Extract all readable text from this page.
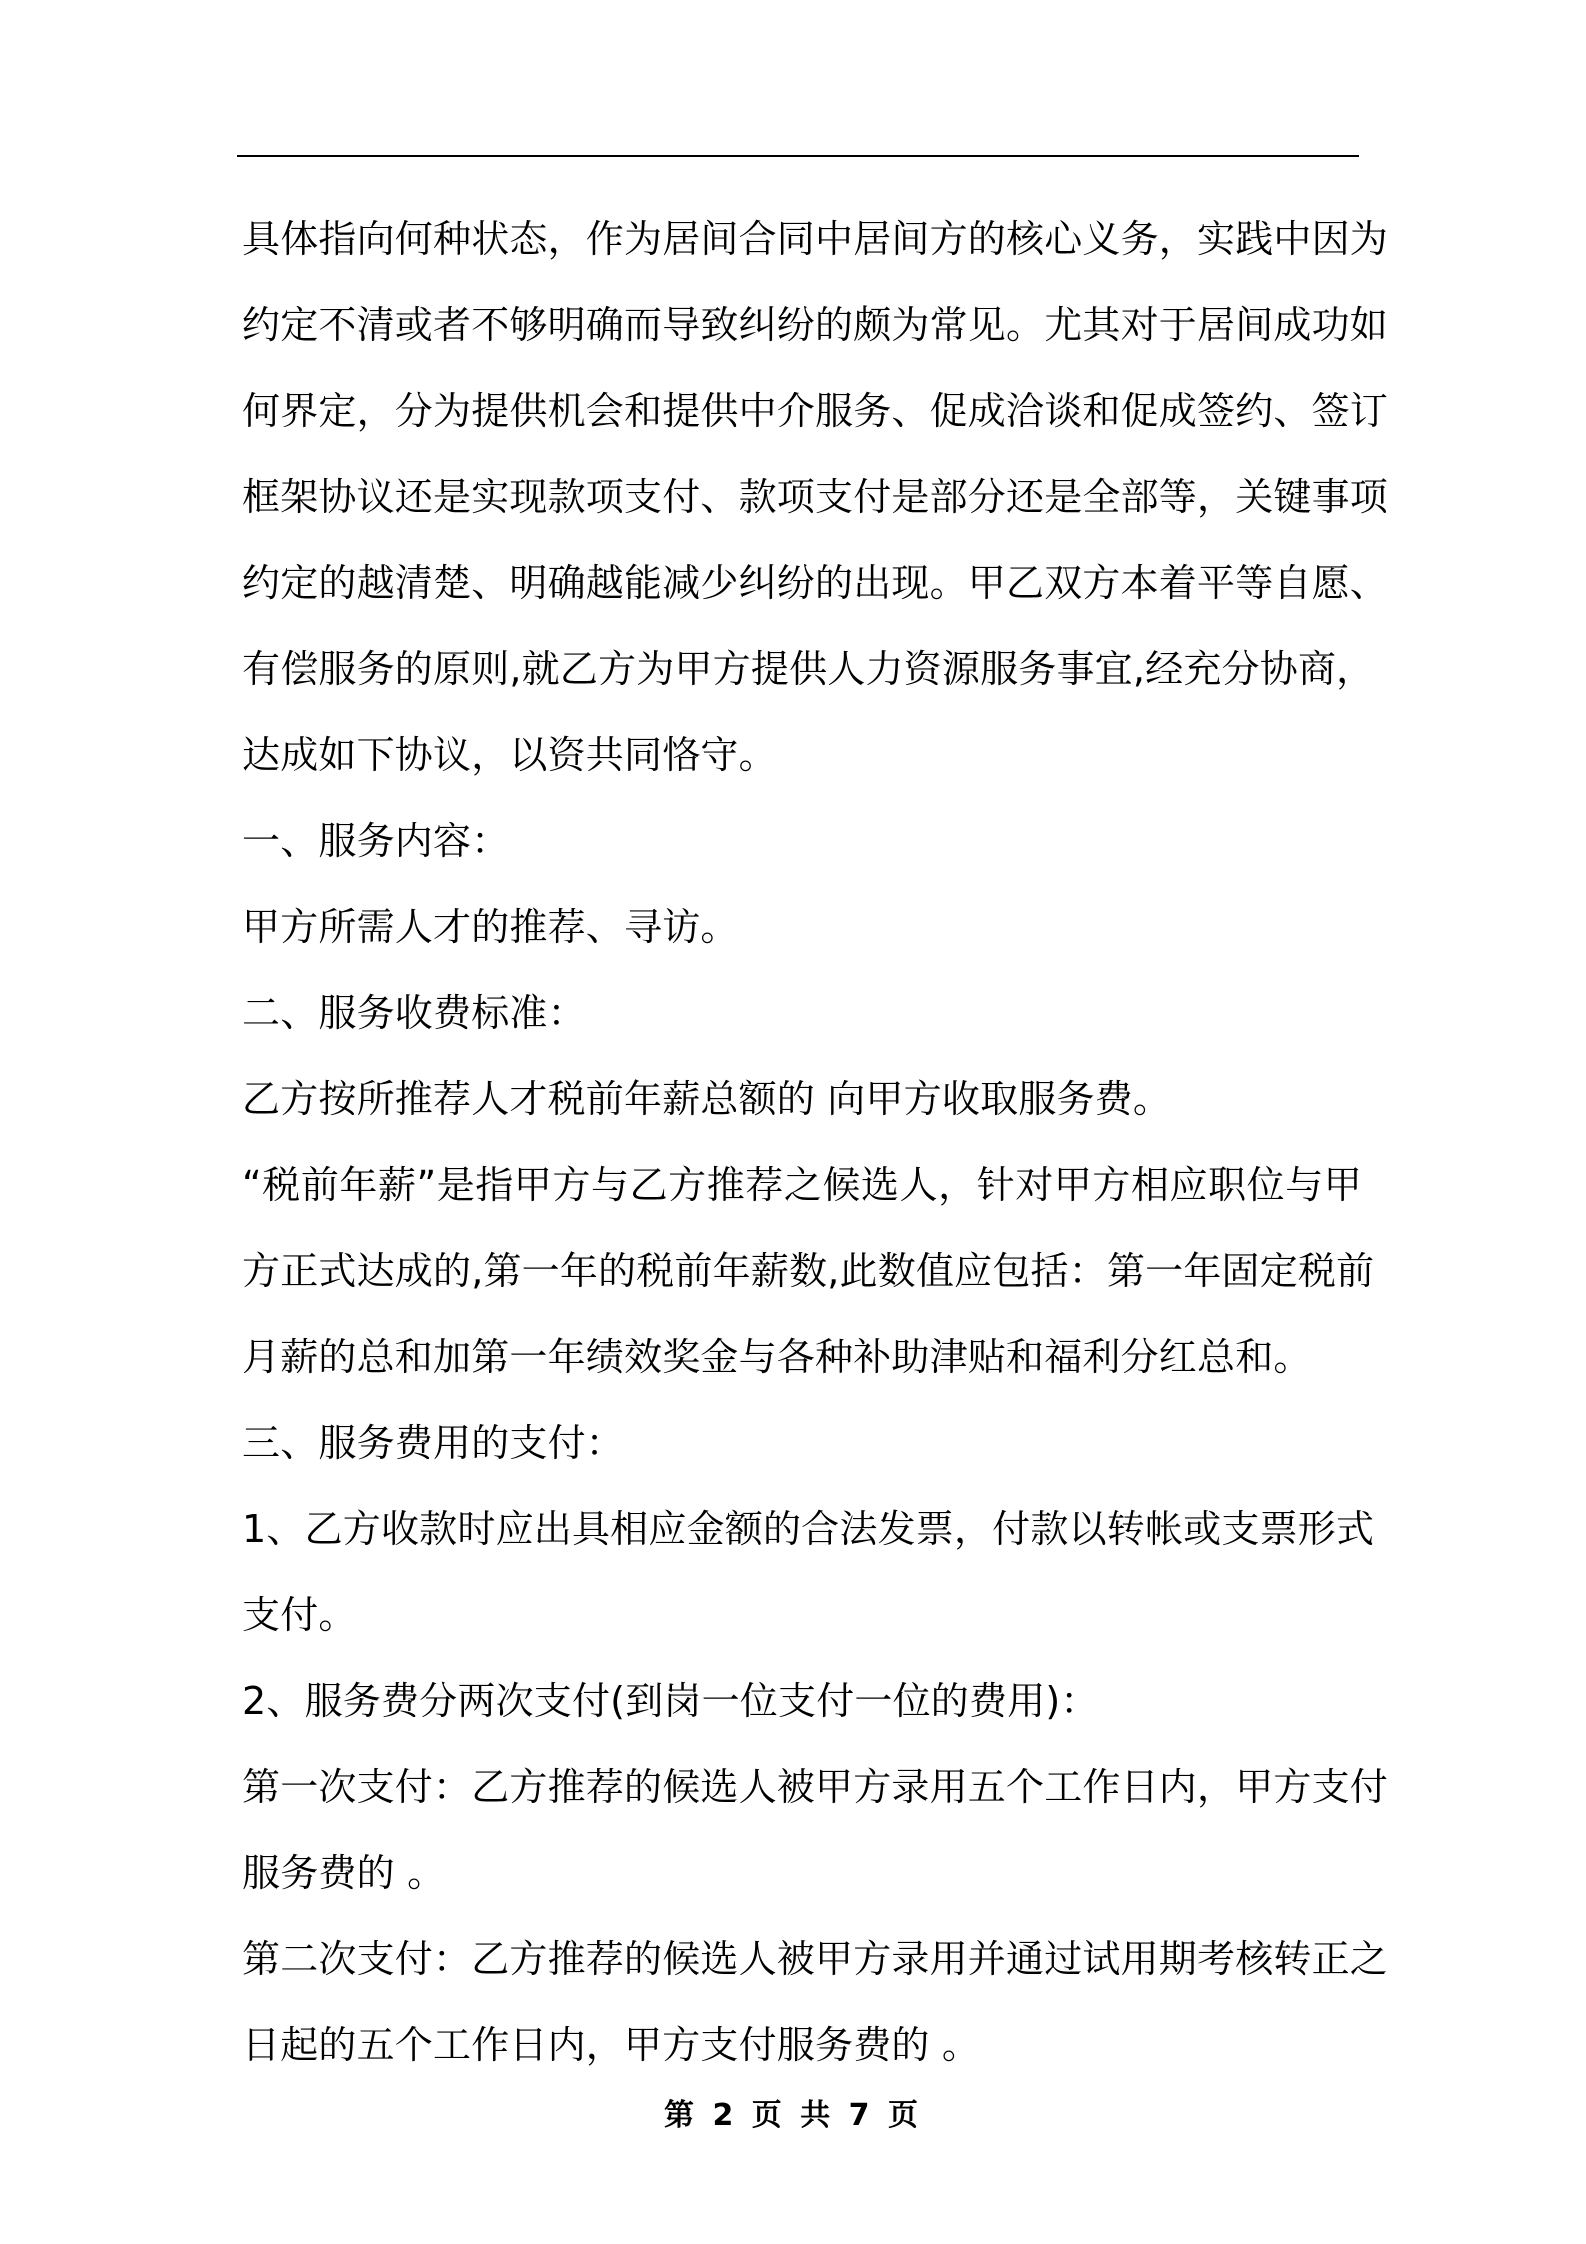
具体指向何种状态，作为居间合同中居间方的核心义务，实践中因为
约定不清或者不够明确而导致纠纷的颇为常见。尤其对于居间成功如
何界定，分为提供机会和提供中介服务、促成洽谈和促成签约、签订
框架协议还是实现款项支付、款项支付是部分还是全部等，关键事项
约定的越清楚、明确越能减少纠纷的出现。甲乙双方本着平等自愿、
有偿服务的原则,就乙方为甲方提供人力资源服务事宜,经充分协商，
达成如下协议，以资共同恪守。
一、服务内容：
甲方所需人才的推荐、寻访。
二、服务收费标准：
乙方按所推荐人才税前年薪总额的 向甲方收取服务费。
“税前年薪”是指甲方与乙方推荐之候选人，针对甲方相应职位与甲
方正式达成的,第一年的税前年薪数,此数值应包括：第一年固定税前
月薪的总和加第一年绩效奖金与各种补助津贴和福利分红总和。
三、服务费用的支付：
1、乙方收款时应出具相应金额的合法发票，付款以转帐或支票形式
支付。
2、服务费分两次支付(到岗一位支付一位的费用)：
第一次支付：乙方推荐的候选人被甲方录用五个工作日内，甲方支付
服务费的 。
第二次支付：乙方推荐的候选人被甲方录用并通过试用期考核转正之
日起的五个工作日内，甲方支付服务费的 。
第 2 页 共 7 页
